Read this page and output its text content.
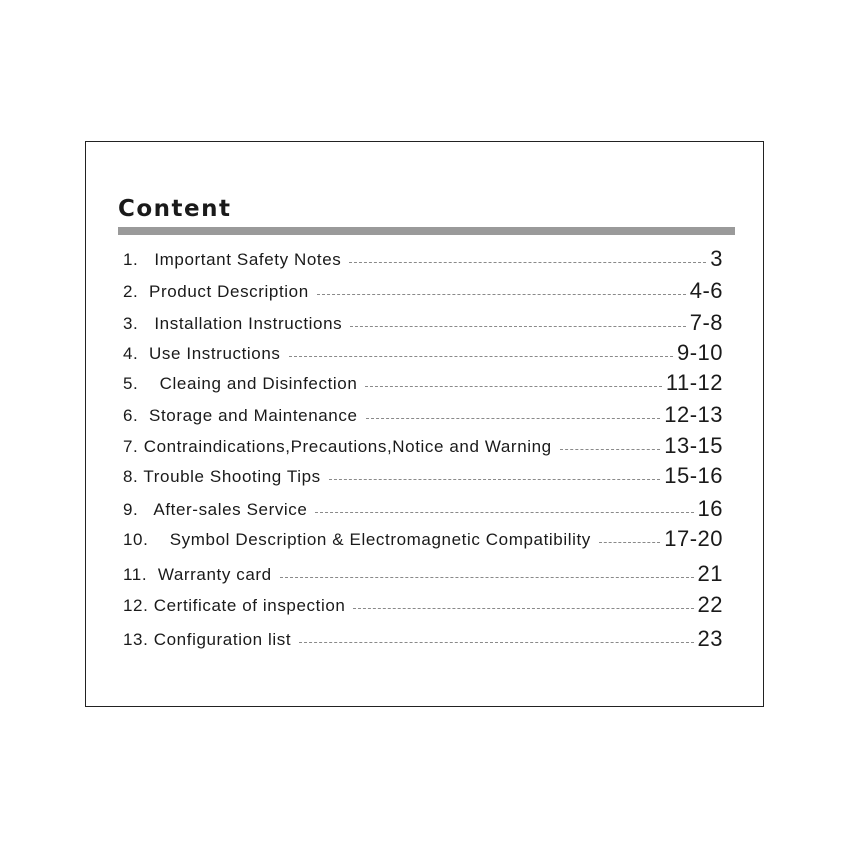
Content
1.   Important Safety Notes	3
2.  Product Description	4-6
3.   Installation Instructions	7-8
4.  Use Instructions	9-10
5.    Cleaing and Disinfection	11-12
6.  Storage and Maintenance	12-13
7. Contraindications,Precautions,Notice and Warning	13-15
8. Trouble Shooting Tips	15-16
9.   After-sales Service	16
10.    Symbol Description & Electromagnetic Compatibility	17-20
11.  Warranty card	21
12. Certificate of inspection	22
13. Configuration list	23
